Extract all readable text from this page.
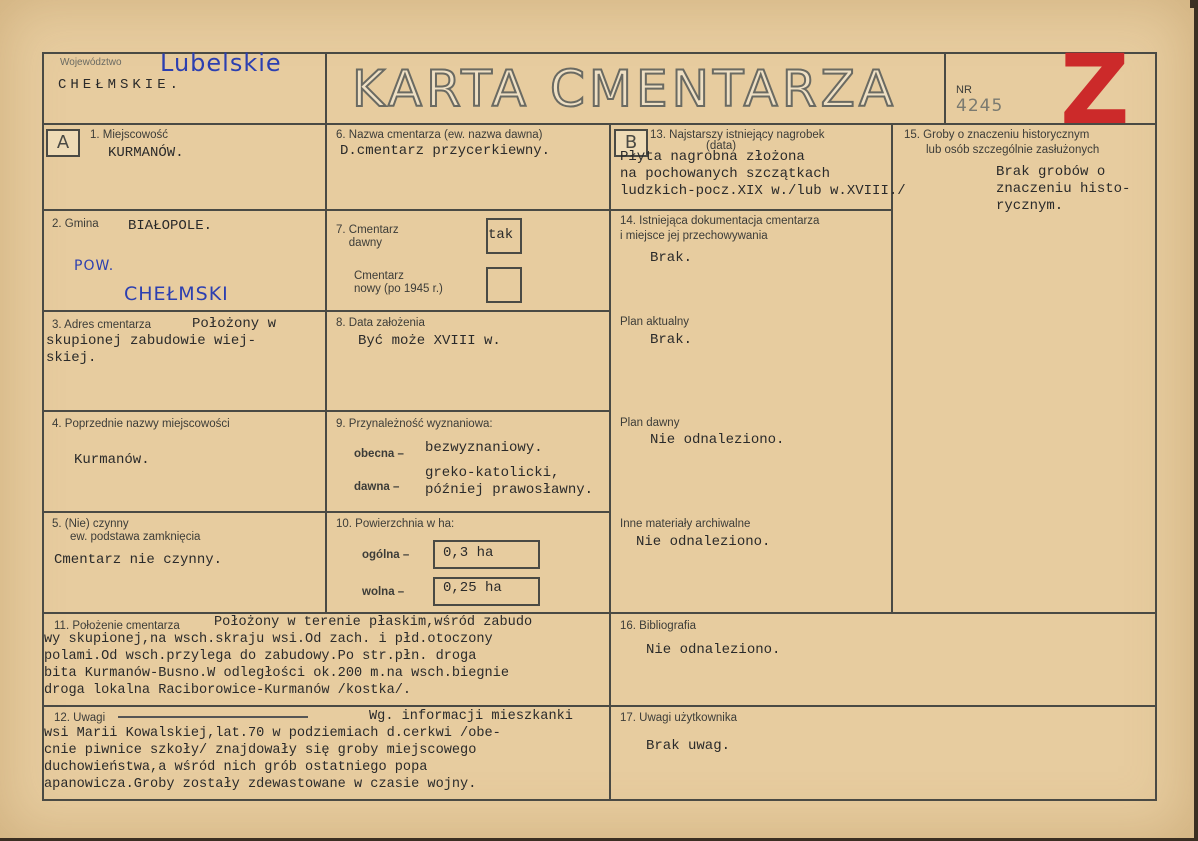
Województwo Lubelskie
CHEŁMSKIE.	KARTA CMENTARZA	NR
4245 Z
A	1. Miejscowość
KURMANÓW.
2. Gmina BIAŁOPOLE.
POW.
CHEŁMSKI
3. Adres cmentarza	Położony w
skupionej zabudowie wiej-
skiej.
4. Poprzednie nazwy miejscowości
Kurmanów.
5. (Nie) czynny
ew. podstawa zamknięcia
Cmentarz nie czynny.
6. Nazwa cmentarza (ew. nazwa dawna)
D.cmentarz przycerkiewny.
7. Cmentarz
dawny	tak
Cmentarz
nowy (po 1945 r.)
8. Data założenia
Być może XVIII w.
9. Przynależność wyznaniowa:
obecna – bezwyznaniowy.
dawna –
greko-katolicki,
później prawosławny.
10. Powierzchnia w ha:
ogólna – 0,3 ha
wolna –	0,25 ha
B	13. Najstarszy istniejący nagrobek
(data)
Płyta nagrobna złożona
na pochowanych szczątkach
ludzkich-pocz.XIX w./lub w.XVIII./
14. Istniejąca dokumentacja cmentarza
i miejsce jej przechowywania
Brak.
Plan aktualny
Brak.
Plan dawny
Nie odnaleziono.
Inne materiały archiwalne
Nie odnaleziono.
15. Groby o znaczeniu historycznym
lub osób szczególnie zasłużonych
Brak grobów o
znaczeniu histo-
rycznym.
11. Położenie cmentarza	Położony w terenie płaskim,wśród zabudo
wy skupionej,na wsch.skraju wsi.Od zach. i płd.otoczony
polami.Od wsch.przylega do zabudowy.Po str.płn. droga
bita Kurmanów-Busno.W odległości ok.200 m.na wsch.biegnie
droga lokalna Raciborowice-Kurmanów /kostka/.
16. Bibliografia
Nie odnaleziono.
12. Uwagi	Wg. informacji mieszkanki
wsi Marii Kowalskiej,lat.70 w podziemiach d.cerkwi /obe-
cnie piwnice szkoły/ znajdowały się groby miejscowego
duchowieństwa,a wśród nich grób ostatniego popa
apanowicza.Groby zostały zdewastowane w czasie wojny.
17. Uwagi użytkownika
Brak uwag.
